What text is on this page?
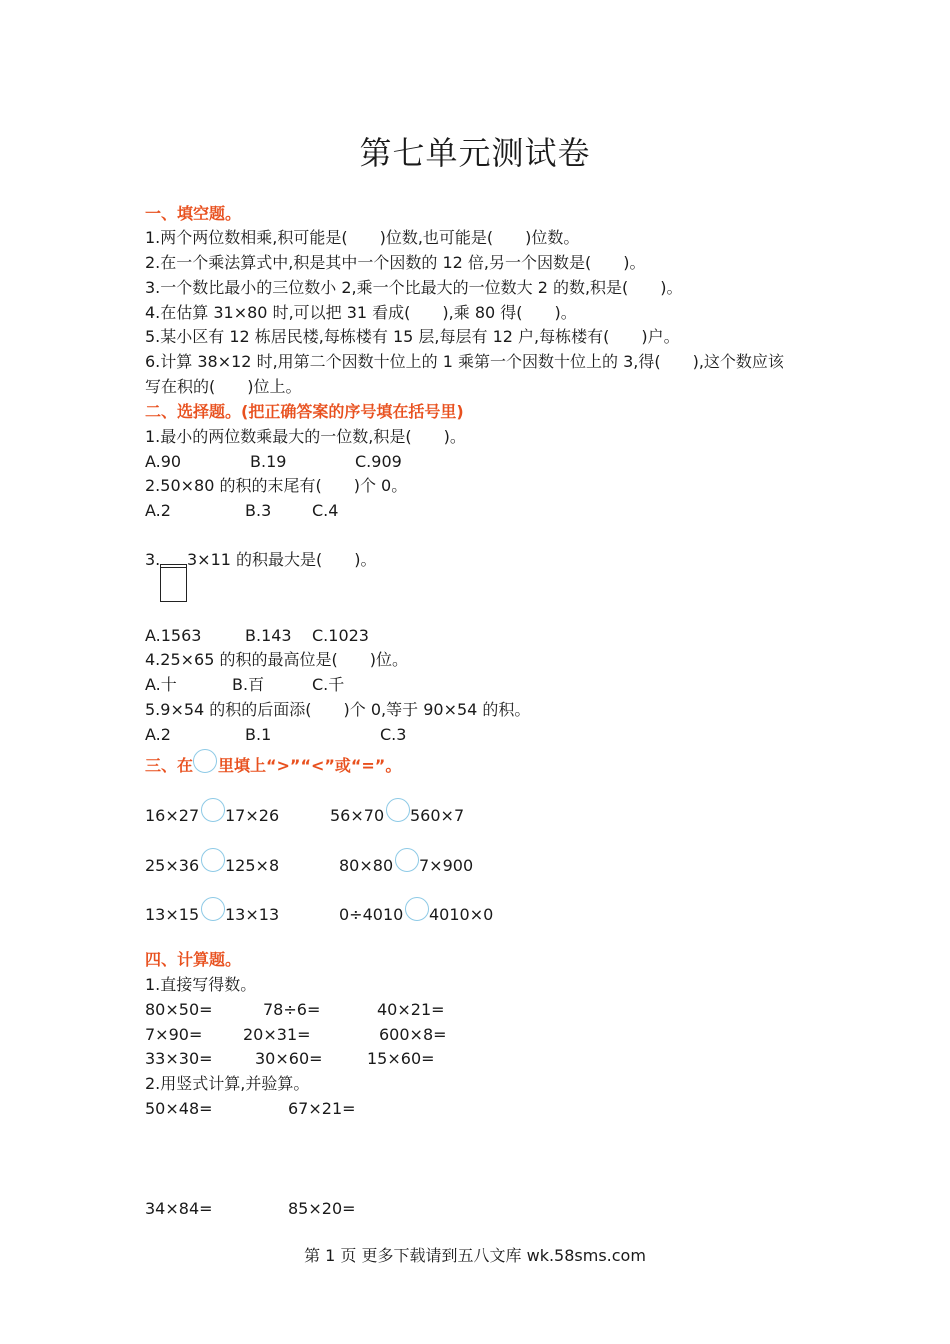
第七单元测试卷
一、填空题。
1.两个两位数相乘,积可能是(　　)位数,也可能是(　　)位数。
2.在一个乘法算式中,积是其中一个因数的 12 倍,另一个因数是(　　)。
3.一个数比最小的三位数小 2,乘一个比最大的一位数大 2 的数,积是(　　)。
4.在估算 31×80 时,可以把 31 看成(　　),乘 80 得(　　)。
5.某小区有 12 栋居民楼,每栋楼有 15 层,每层有 12 户,每栋楼有(　　)户。
6.计算 38×12 时,用第二个因数十位上的 1 乘第一个因数十位上的 3,得(　　),这个数应该
写在积的(　　)位上。
二、选择题。(把正确答案的序号填在括号里)
1.最小的两位数乘最大的一位数,积是(　　)。
A.90	B.19	C.909
2.50×80 的积的末尾有(　　)个 0。
A.2	B.3	C.4
3. 3×11 的积最大是(　　)。
A.1563	B.143 C.1023
4.25×65 的积的最高位是(　　)位。
A.十	B.百	C.千
5.9×54 的积的后面添(　　)个 0,等于 90×54 的积。
A.2	B.1	C.3
三、在 里填上“>”“<”或“=”。
16×27 17×26	56×70 560×7
25×36 125×8	80×80 7×900
13×15 13×13	0÷4010 4010×0
四、计算题。
1.直接写得数。
80×50=	78÷6=	40×21=
7×90=	20×31=	600×8=
33×30=	30×60=	15×60=
2.用竖式计算,并验算。
50×48=	67×21=
34×84=	85×20=
第 1 页 更多下载请到五八文库 wk.58sms.com
